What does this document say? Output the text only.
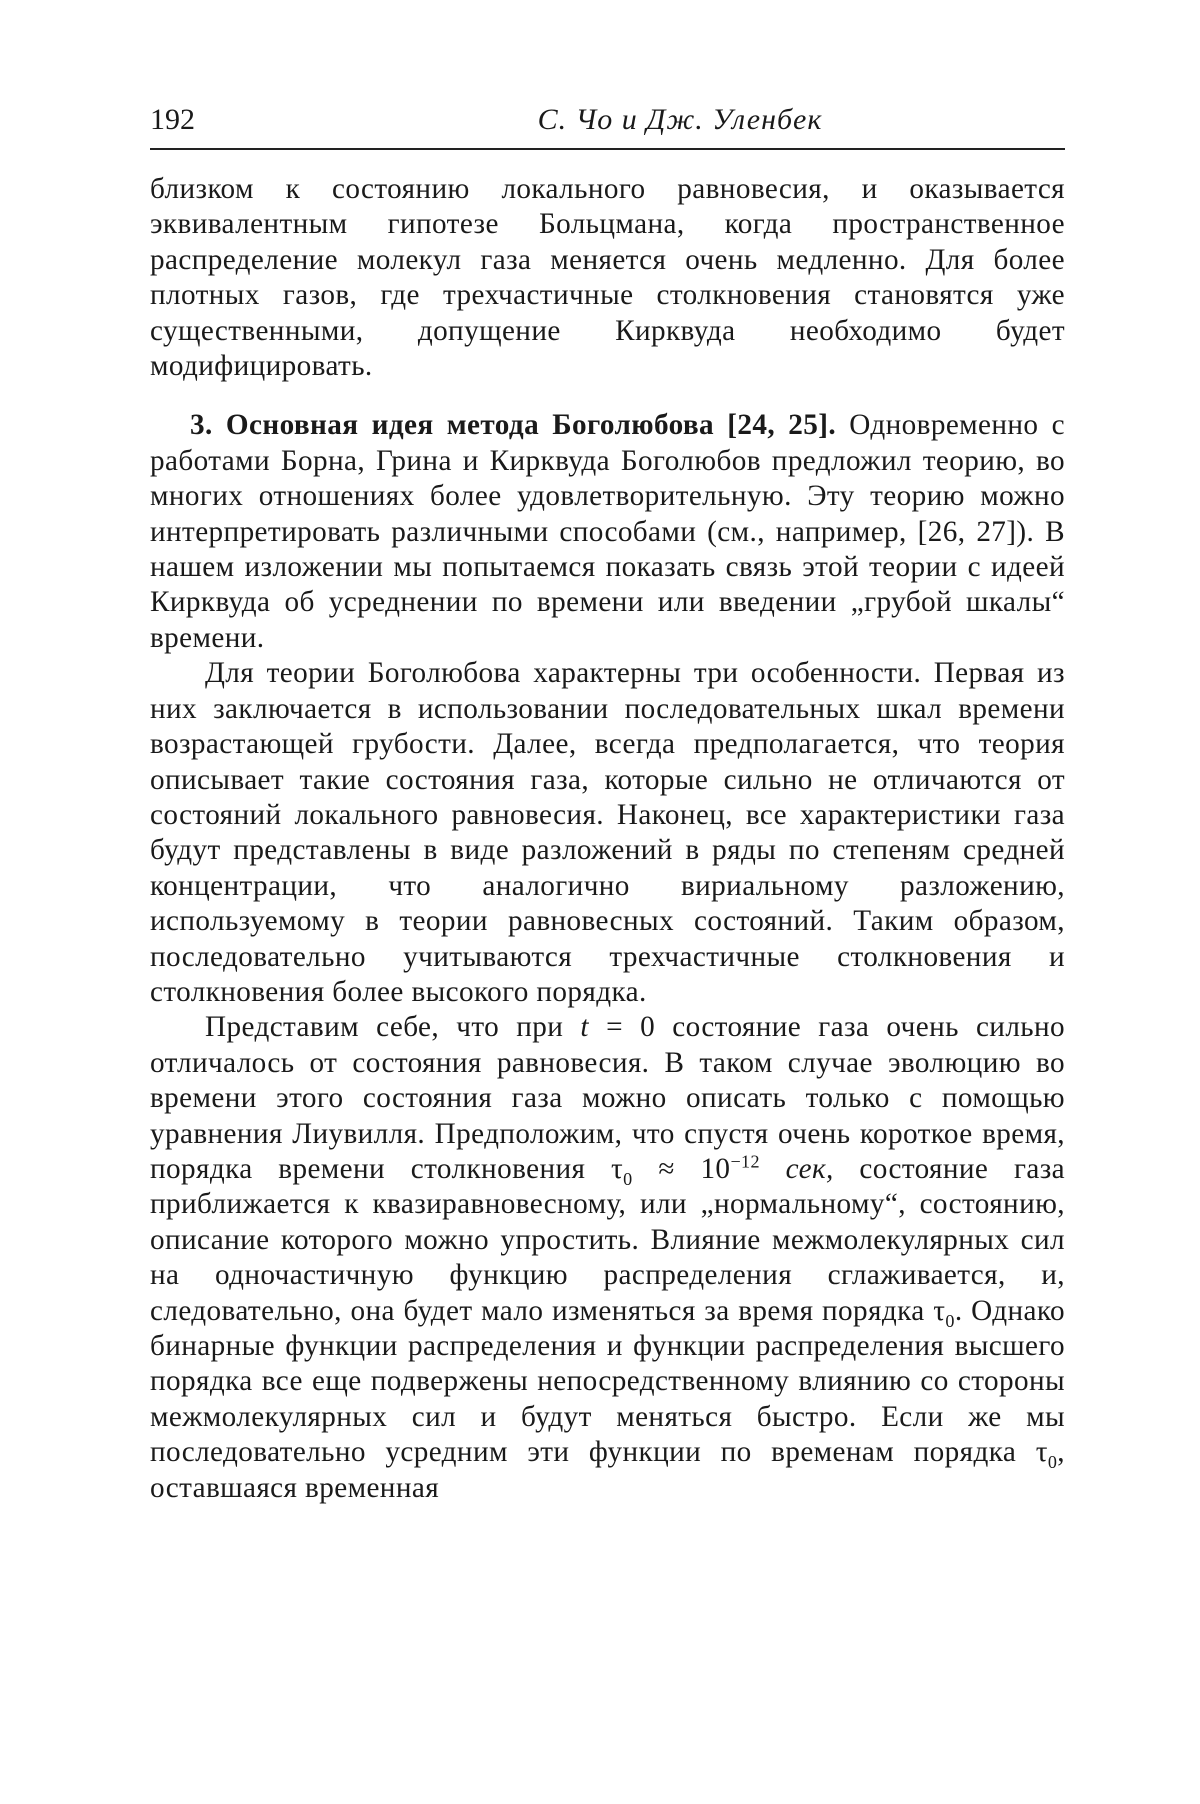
192	С. Чо и Дж. Уленбек

близком к состоянию локального равновесия, и оказывается эквивалентным гипотезе Больцмана, когда пространственное распределение молекул газа меняется очень медленно. Для более плотных газов, где трехчастичные столкновения становятся уже существенными, допущение Кирквуда необходимо будет модифицировать.

3. Основная идея метода Боголюбова [24, 25]. Одновременно с работами Борна, Грина и Кирквуда Боголюбов предложил теорию, во многих отношениях более удовлетворительную. Эту теорию можно интерпретировать различными способами (см., например, [26, 27]). В нашем изложении мы попытаемся показать связь этой теории с идеей Кирквуда об усреднении по времени или введении „грубой шкалы“ времени.

Для теории Боголюбова характерны три особенности. Первая из них заключается в использовании последовательных шкал времени возрастающей грубости. Далее, всегда предполагается, что теория описывает такие состояния газа, которые сильно не отличаются от состояний локального равновесия. Наконец, все характеристики газа будут представлены в виде разложений в ряды по степеням средней концентрации, что аналогично вириальному разложению, используемому в теории равновесных состояний. Таким образом, последовательно учитываются трехчастичные столкновения и столкновения более высокого порядка.

Представим себе, что при t = 0 состояние газа очень сильно отличалось от состояния равновесия. В таком случае эволюцию во времени этого состояния газа можно описать только с помощью уравнения Лиувилля. Предположим, что спустя очень короткое время, порядка времени столкновения $\tau_0 \approx 10^{-12}$ сек, состояние газа приближается к квазиравновесному, или „нормальному“, состоянию, описание которого можно упростить. Влияние межмолекулярных сил на одночастичную функцию распределения сглаживается, и, следовательно, она будет мало изменяться за время порядка $\tau_0$. Однако бинарные функции распределения и функции распределения высшего порядка все еще подвержены непосредственному влиянию со стороны межмолекулярных сил и будут меняться быстро. Если же мы последовательно усредним эти функции по временам порядка $\tau_0$, оставшаяся временная
